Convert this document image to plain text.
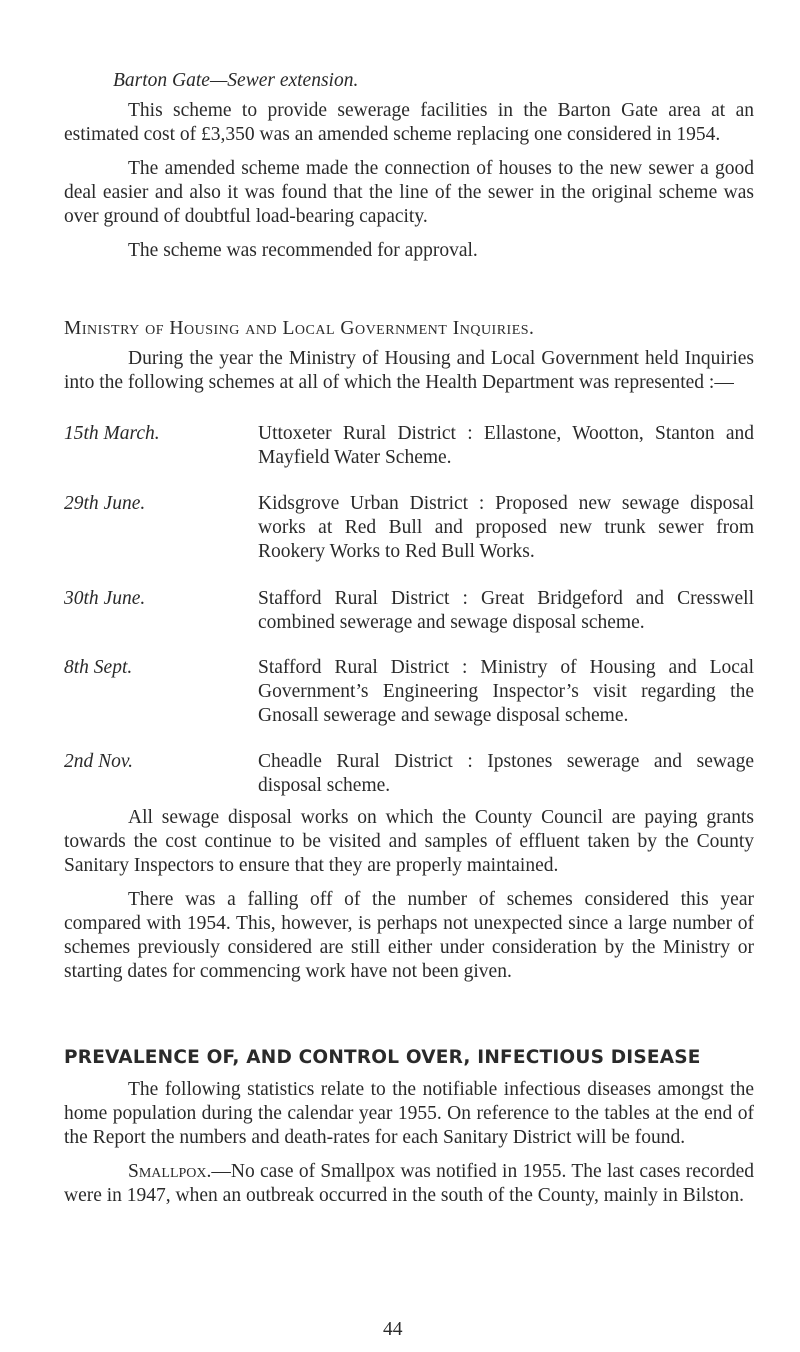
Barton Gate—Sewer extension.

This scheme to provide sewerage facilities in the Barton Gate area at an estimated cost of £3,350 was an amended scheme replacing one considered in 1954.

The amended scheme made the connection of houses to the new sewer a good deal easier and also it was found that the line of the sewer in the original scheme was over ground of doubtful load-bearing capacity.

The scheme was recommended for approval.

Ministry of Housing and Local Government Inquiries.

During the year the Ministry of Housing and Local Government held Inquiries into the following schemes at all of which the Health Department was represented :—

15th March.	Uttoxeter Rural District : Ellastone, Wootton, Stanton and Mayfield Water Scheme.

29th June.	Kidsgrove Urban District : Proposed new sewage disposal works at Red Bull and proposed new trunk sewer from Rookery Works to Red Bull Works.

30th June.	Stafford Rural District : Great Bridgeford and Cresswell combined sewerage and sewage disposal scheme.

8th Sept.	Stafford Rural District : Ministry of Housing and Local Government’s Engineering Inspector’s visit regarding the Gnosall sewerage and sewage disposal scheme.

2nd Nov.	Cheadle Rural District : Ipstones sewerage and sewage disposal scheme.

All sewage disposal works on which the County Council are paying grants towards the cost continue to be visited and samples of effluent taken by the County Sanitary Inspectors to ensure that they are properly maintained.

There was a falling off of the number of schemes considered this year compared with 1954. This, however, is perhaps not unexpected since a large number of schemes previously considered are still either under consideration by the Ministry or starting dates for commencing work have not been given.

PREVALENCE OF, AND CONTROL OVER, INFECTIOUS DISEASE

The following statistics relate to the notifiable infectious diseases amongst the home population during the calendar year 1955. On reference to the tables at the end of the Report the numbers and death-rates for each Sanitary District will be found.

Smallpox.—No case of Smallpox was notified in 1955. The last cases recorded were in 1947, when an outbreak occurred in the south of the County, mainly in Bilston.

44
